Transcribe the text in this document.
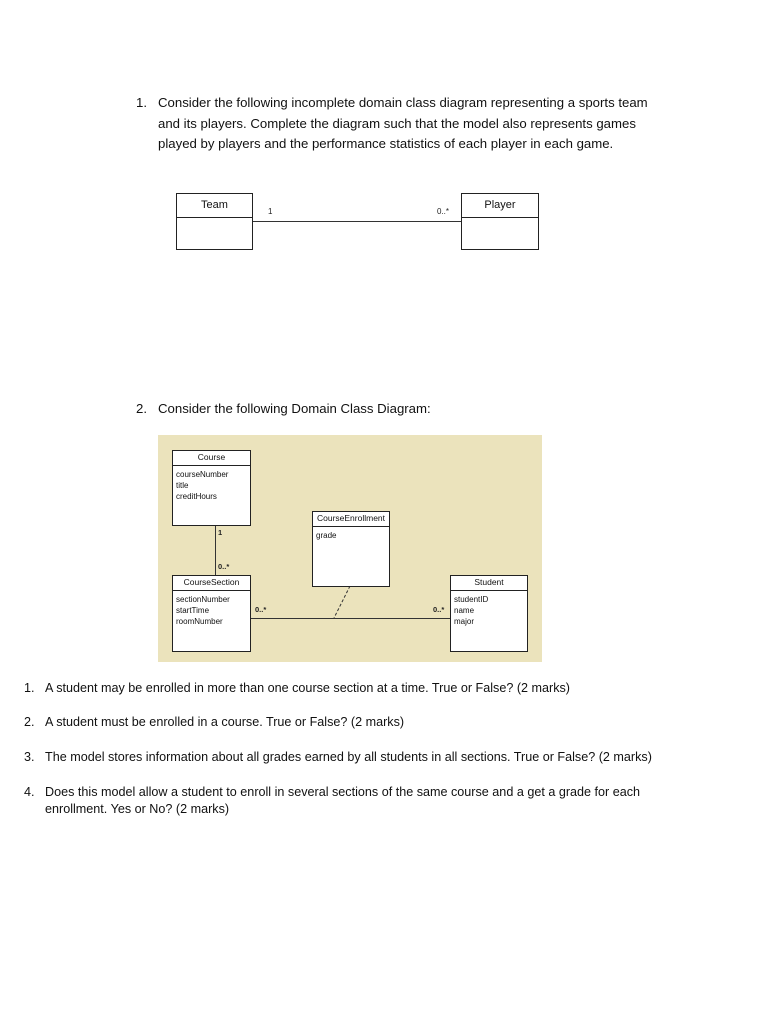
1. Consider the following incomplete domain class diagram representing a sports team
and its players. Complete the diagram such that the model also represents games
played by players and the performance statistics of each player in each game.
Team	Player
1	0..*
2. Consider the following Domain Class Diagram:
Course
courseNumber
title
creditHours
CourseEnrollment
grade
CourseSection
sectionNumber
startTime
roomNumber
Student
studentID
name
major
1
0..*
0..*	0..*
1. A student may be enrolled in more than one course section at a time. True or False? (2 marks)
2. A student must be enrolled in a course. True or False? (2 marks)
3. The model stores information about all grades earned by all students in all sections. True or False? (2 marks)
4. Does this model allow a student to enroll in several sections of the same course and a get a grade for each
enrollment. Yes or No? (2 marks)
